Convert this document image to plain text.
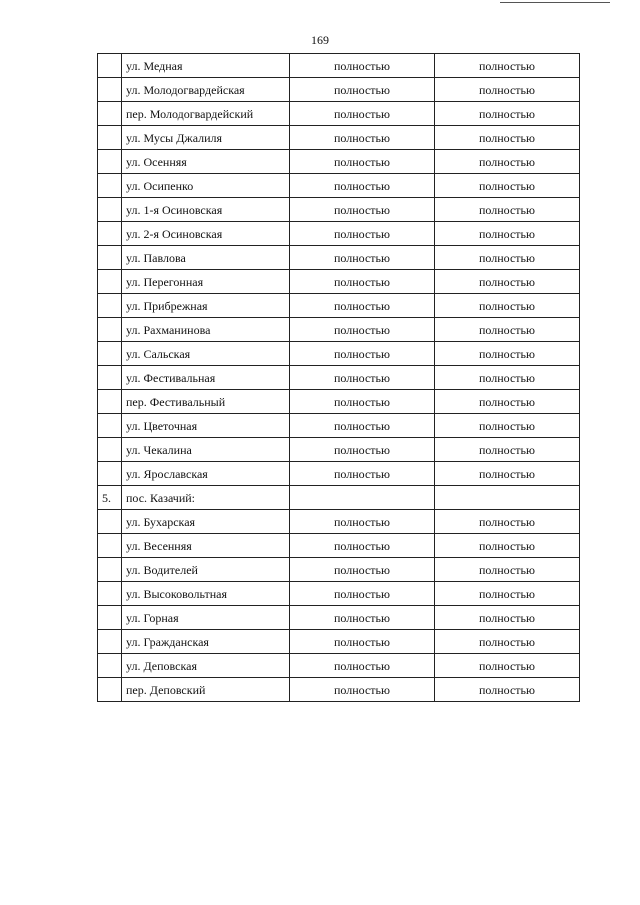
169
	ул. Медная	полностью	полностью
	ул. Молодогвардейская	полностью	полностью
	пер. Молодогвардейский	полностью	полностью
	ул. Мусы Джалиля	полностью	полностью
	ул. Осенняя	полностью	полностью
	ул. Осипенко	полностью	полностью
	ул. 1-я Осиновская	полностью	полностью
	ул. 2-я Осиновская	полностью	полностью
	ул. Павлова	полностью	полностью
	ул. Перегонная	полностью	полностью
	ул. Прибрежная	полностью	полностью
	ул. Рахманинова	полностью	полностью
	ул. Сальская	полностью	полностью
	ул. Фестивальная	полностью	полностью
	пер. Фестивальный	полностью	полностью
	ул. Цветочная	полностью	полностью
	ул. Чекалина	полностью	полностью
	ул. Ярославская	полностью	полностью
5.	пос. Казачий:		
	ул. Бухарская	полностью	полностью
	ул. Весенняя	полностью	полностью
	ул. Водителей	полностью	полностью
	ул. Высоковольтная	полностью	полностью
	ул. Горная	полностью	полностью
	ул. Гражданская	полностью	полностью
	ул. Деповская	полностью	полностью
	пер. Деповский	полностью	полностью
